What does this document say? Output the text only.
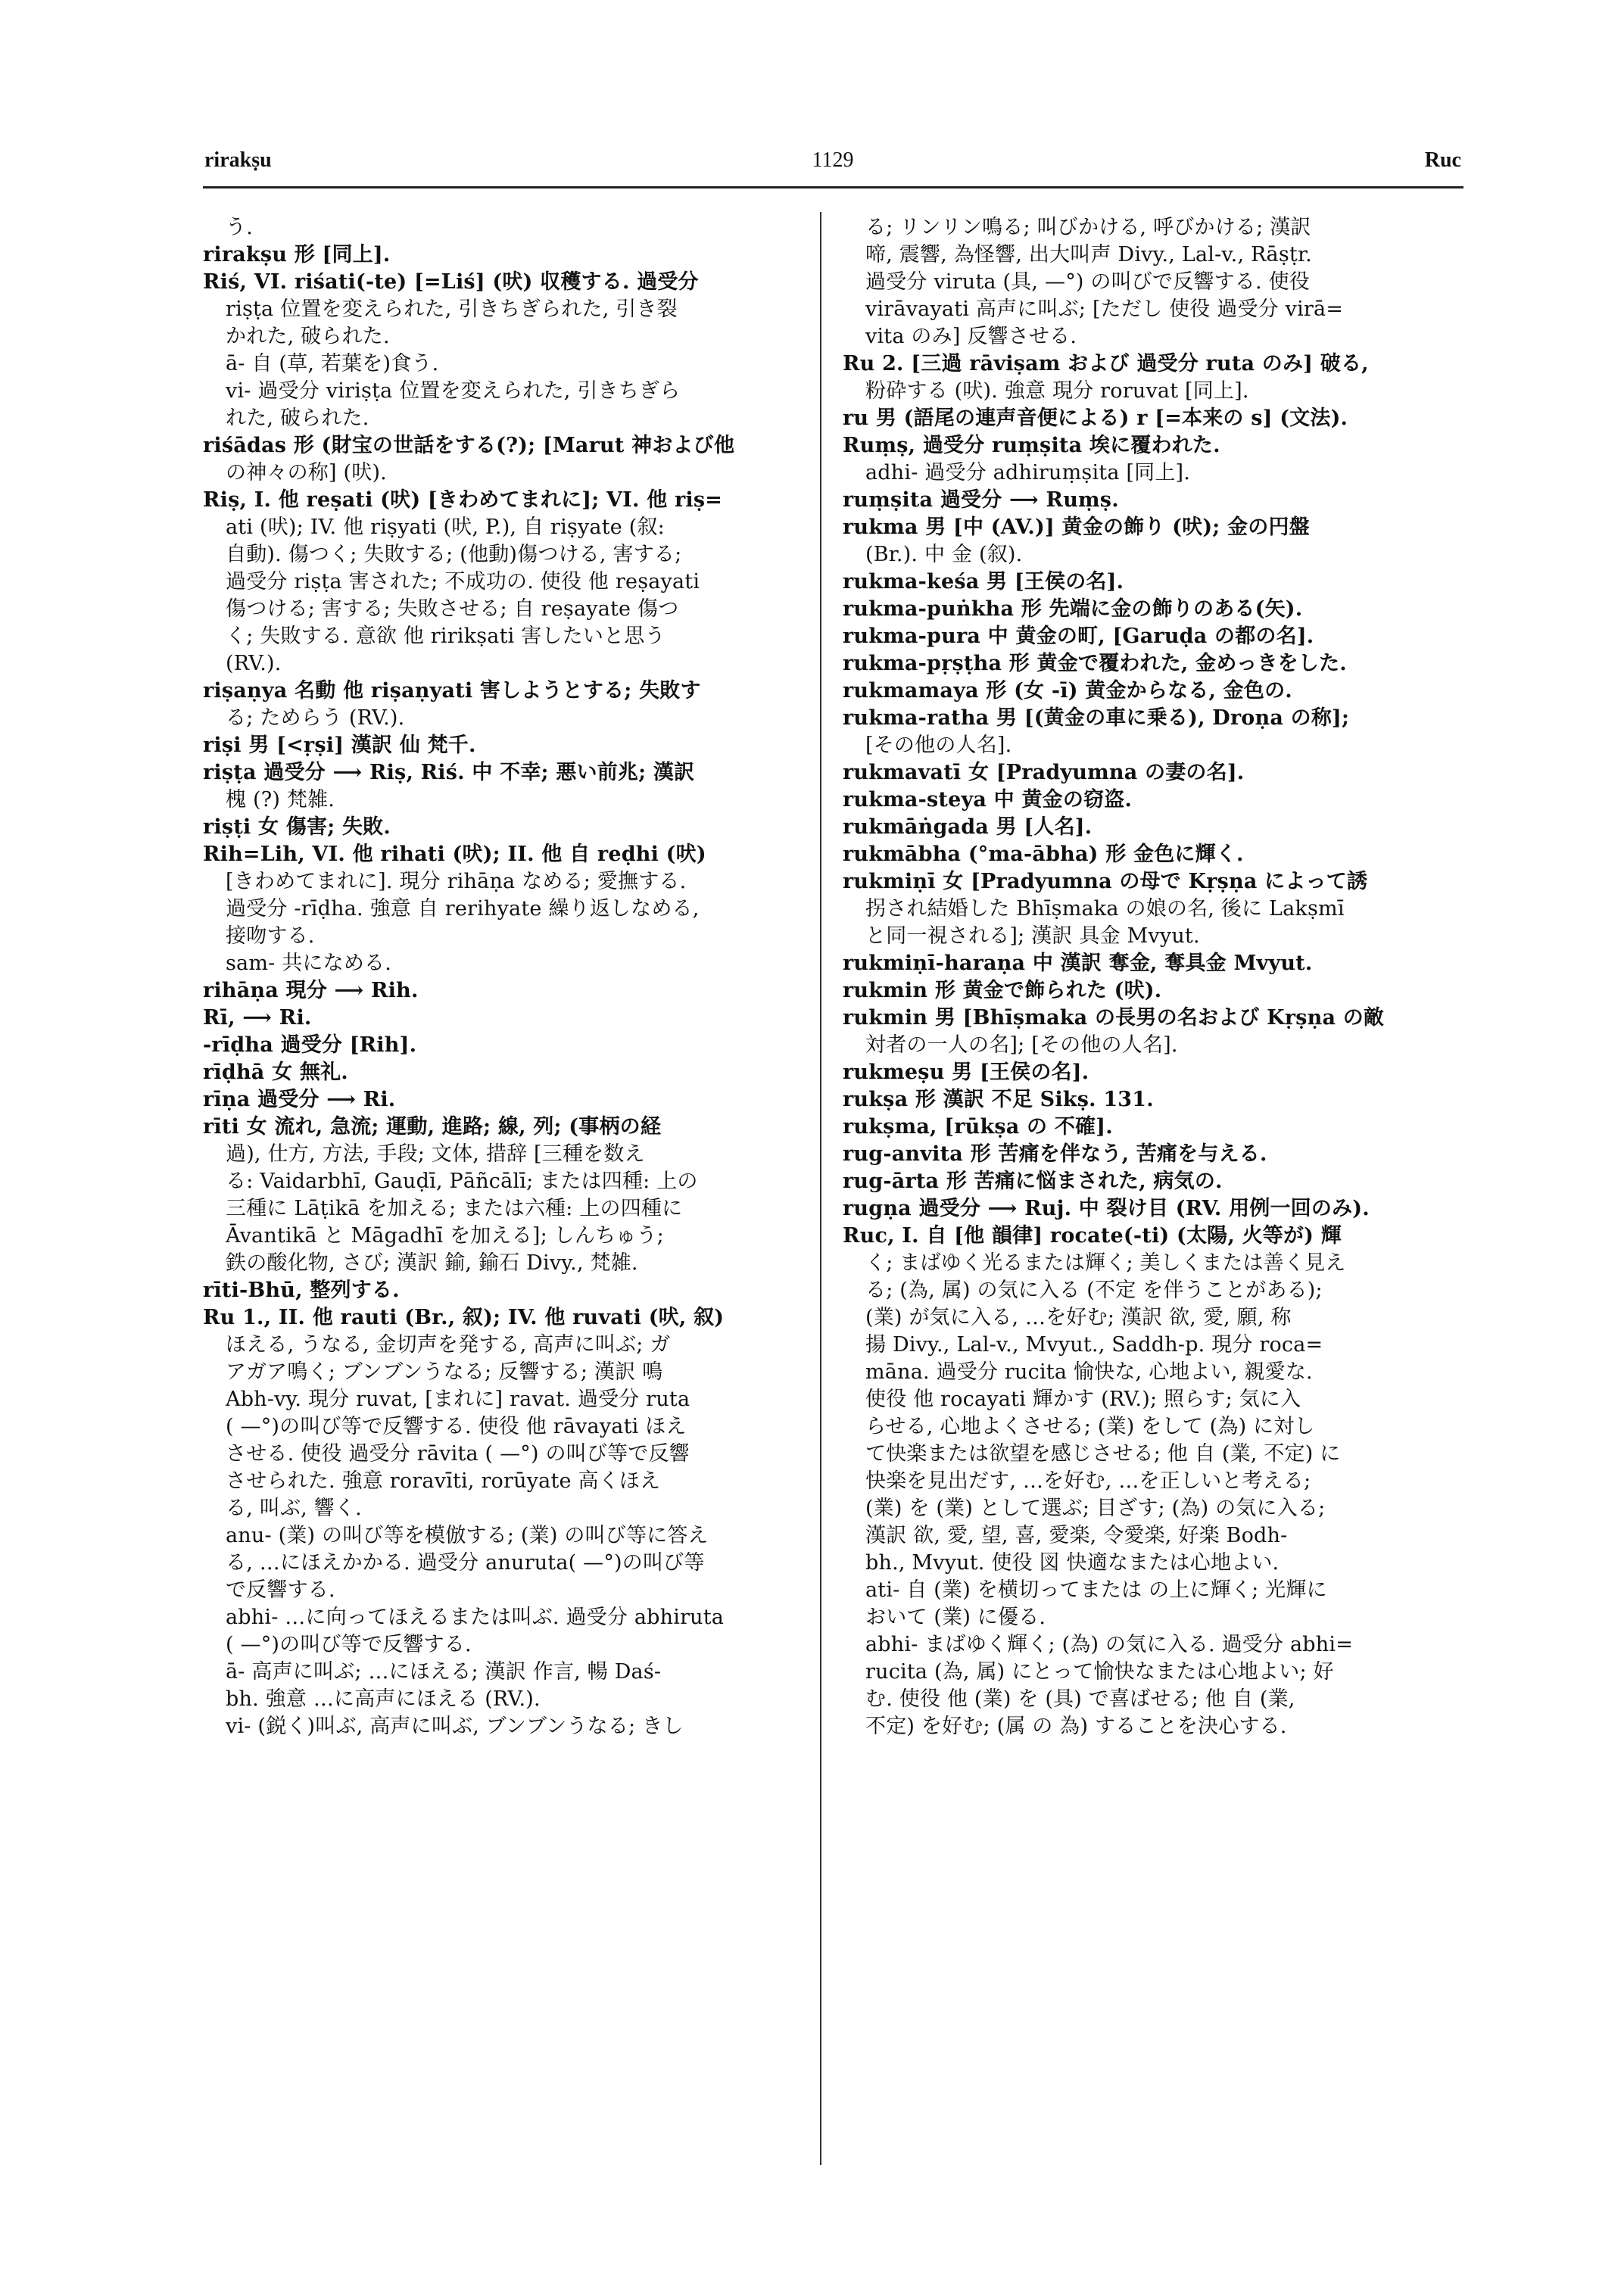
rirakṣu	1129	Ruc
う.
rirakṣu 形 [同上].
Riś, VI. riśati(-te) [=Liś] (吠) 収穫する. 過受分
riṣṭa 位置を変えられた, 引きちぎられた, 引き裂
かれた, 破られた.
ā- 自 (草, 若葉を)食う.
vi- 過受分 viriṣṭa 位置を変えられた, 引きちぎら
れた, 破られた.
riśādas 形 (財宝の世話をする(?); [Marut 神および他
の神々の称] (吠).
Riṣ, I. 他 reṣati (吠) [きわめてまれに]; VI. 他 riṣ=
ati (吠); IV. 他 riṣyati (吠, P.), 自 riṣyate (叙:
自動). 傷つく; 失敗する; (他動)傷つける, 害する;
過受分 riṣṭa 害された; 不成功の. 使役 他 reṣayati
傷つける; 害する; 失敗させる; 自 reṣayate 傷つ
く; 失敗する. 意欲 他 ririkṣati 害したいと思う
(RV.).
riṣaṇya 名動 他 riṣaṇyati 害しようとする; 失敗す
る; ためらう (RV.).
riṣi 男 [<ṛṣi] 漢訳 仙 梵千.
riṣṭa 過受分 ⟶ Riṣ, Riś. 中 不幸; 悪い前兆; 漢訳
槐 (?) 梵雑.
riṣṭi 女 傷害; 失敗.
Rih=Lih, VI. 他 rihati (吠); II. 他 自 reḍhi (吠)
[きわめてまれに]. 現分 rihāṇa なめる; 愛撫する.
過受分 -rīḍha. 強意 自 rerihyate 繰り返しなめる,
接吻する.
sam- 共になめる.
rihāṇa 現分 ⟶ Rih.
Rī, ⟶ Ri.
-rīḍha 過受分 [Rih].
rīḍhā 女 無礼.
rīṇa 過受分 ⟶ Ri.
rīti 女 流れ, 急流; 運動, 進路; 線, 列; (事柄の経
過), 仕方, 方法, 手段; 文体, 措辞 [三種を数え
る: Vaidarbhī, Gauḍī, Pāñcālī; または四種: 上の
三種に Lāṭikā を加える; または六種: 上の四種に
Āvantikā と Māgadhī を加える]; しんちゅう;
鉄の酸化物, さび; 漢訳 鍮, 鍮石 Divy., 梵雑.
rīti-Bhū, 整列する.
Ru 1., II. 他 rauti (Br., 叙); IV. 他 ruvati (吠, 叙)
ほえる, うなる, 金切声を発する, 高声に叫ぶ; ガ
アガア鳴く; ブンブンうなる; 反響する; 漢訳 鳴
Abh-vy. 現分 ruvat, [まれに] ravat. 過受分 ruta
( —°)の叫び等で反響する. 使役 他 rāvayati ほえ
させる. 使役 過受分 rāvita ( —°) の叫び等で反響
させられた. 強意 roravīti, rorūyate 高くほえ
る, 叫ぶ, 響く.
anu- (業) の叫び等を模倣する; (業) の叫び等に答え
る, …にほえかかる. 過受分 anuruta( —°)の叫び等
で反響する.
abhi- …に向ってほえるまたは叫ぶ. 過受分 abhiruta
( —°)の叫び等で反響する.
ā- 高声に叫ぶ; …にほえる; 漢訳 作言, 暢 Daś-
bh. 強意 …に高声にほえる (RV.).
vi- (鋭く)叫ぶ, 高声に叫ぶ, ブンブンうなる; きし
る; リンリン鳴る; 叫びかける, 呼びかける; 漢訳
啼, 震響, 為怪響, 出大叫声 Divy., Lal-v., Rāṣṭr.
過受分 viruta (具, —°) の叫びで反響する. 使役
virāvayati 高声に叫ぶ; [ただし 使役 過受分 virā=
vita のみ] 反響させる.
Ru 2. [三過 rāviṣam および 過受分 ruta のみ] 破る,
粉砕する (吠). 強意 現分 roruvat [同上].
ru 男 (語尾の連声音便による) r [=本来の s] (文法).
Ruṃṣ, 過受分 ruṃṣita 埃に覆われた.
adhi- 過受分 adhiruṃṣita [同上].
ruṃṣita 過受分 ⟶ Ruṃṣ.
rukma 男 [中 (AV.)] 黄金の飾り (吠); 金の円盤
(Br.). 中 金 (叙).
rukma-keśa 男 [王侯の名].
rukma-puṅkha 形 先端に金の飾りのある(矢).
rukma-pura 中 黄金の町, [Garuḍa の都の名].
rukma-pṛṣṭha 形 黄金で覆われた, 金めっきをした.
rukmamaya 形 (女 -ī) 黄金からなる, 金色の.
rukma-ratha 男 [(黄金の車に乗る), Droṇa の称];
[その他の人名].
rukmavatī 女 [Pradyumna の妻の名].
rukma-steya 中 黄金の窃盗.
rukmāṅgada 男 [人名].
rukmābha (°ma-ābha) 形 金色に輝く.
rukmiṇī 女 [Pradyumna の母で Kṛṣṇa によって誘
拐され結婚した Bhīṣmaka の娘の名, 後に Lakṣmī
と同一視される]; 漢訳 具金 Mvyut.
rukmiṇī-haraṇa 中 漢訳 奪金, 奪具金 Mvyut.
rukmin 形 黄金で飾られた (吠).
rukmin 男 [Bhīṣmaka の長男の名および Kṛṣṇa の敵
対者の一人の名]; [その他の人名].
rukmeṣu 男 [王侯の名].
rukṣa 形 漢訳 不足 Sikṣ. 131.
rukṣma, [rūkṣa の 不確].
rug-anvita 形 苦痛を伴なう, 苦痛を与える.
rug-ārta 形 苦痛に悩まされた, 病気の.
rugṇa 過受分 ⟶ Ruj. 中 裂け目 (RV. 用例一回のみ).
Ruc, I. 自 [他 韻律] rocate(-ti) (太陽, 火等が) 輝
く; まばゆく光るまたは輝く; 美しくまたは善く見え
る; (為, 属) の気に入る (不定 を伴うことがある);
(業) が気に入る, …を好む; 漢訳 欲, 愛, 願, 称
揚 Divy., Lal-v., Mvyut., Saddh-p. 現分 roca=
māna. 過受分 rucita 愉快な, 心地よい, 親愛な.
使役 他 rocayati 輝かす (RV.); 照らす; 気に入
らせる, 心地よくさせる; (業) をして (為) に対し
て快楽または欲望を感じさせる; 他 自 (業, 不定) に
快楽を見出だす, …を好む, …を正しいと考える;
(業) を (業) として選ぶ; 目ざす; (為) の気に入る;
漢訳 欲, 愛, 望, 喜, 愛楽, 令愛楽, 好楽 Bodh-
bh., Mvyut. 使役 図 快適なまたは心地よい.
ati- 自 (業) を横切ってまたは の上に輝く; 光輝に
おいて (業) に優る.
abhi- まばゆく輝く; (為) の気に入る. 過受分 abhi=
rucita (為, 属) にとって愉快なまたは心地よい; 好
む. 使役 他 (業) を (具) で喜ばせる; 他 自 (業,
不定) を好む; (属 の 為) することを決心する.
